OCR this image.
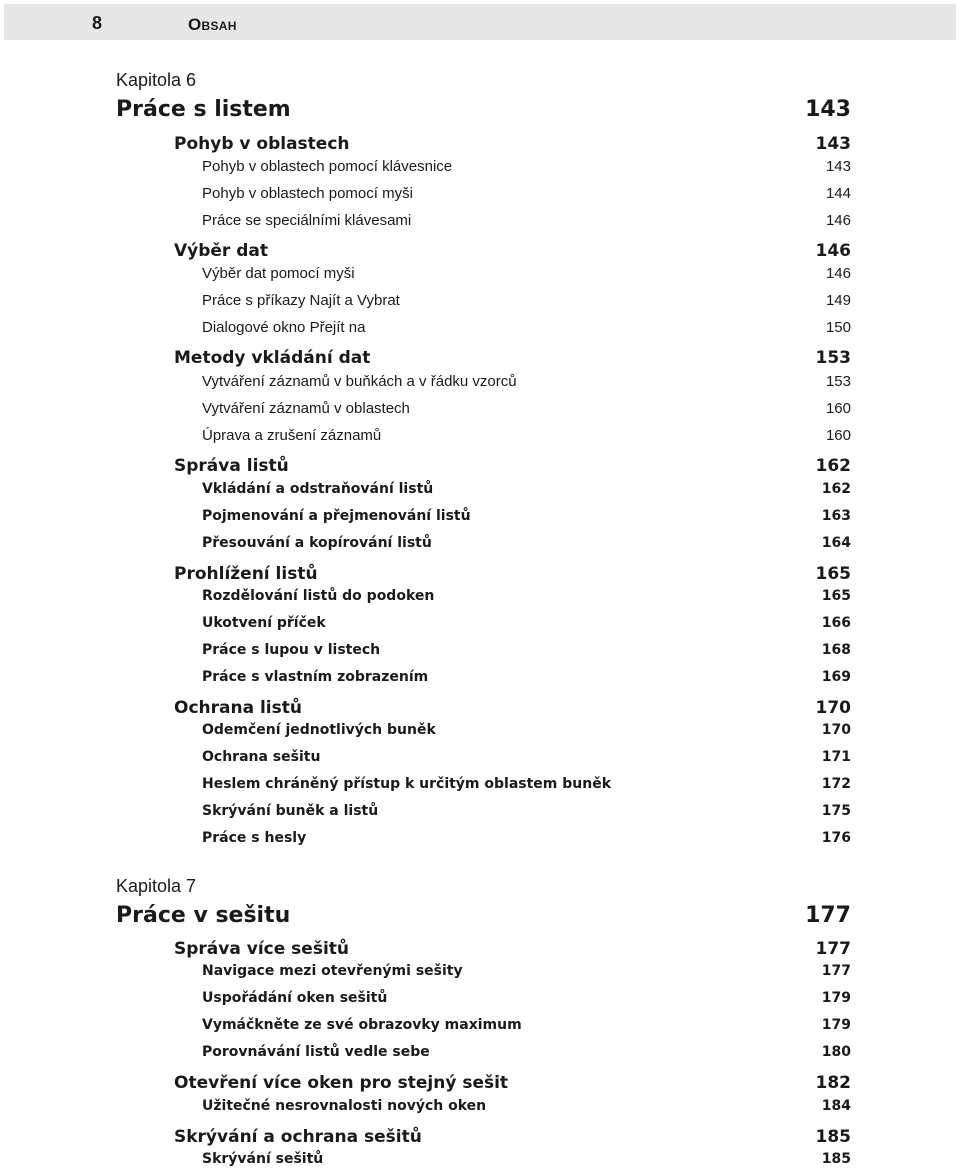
8	Obsah
Kapitola 6
Práce s listem	143
Pohyb v oblastech	143
Pohyb v oblastech pomocí klávesnice	143
Pohyb v oblastech pomocí myši	144
Práce se speciálními klávesami	146
Výběr dat	146
Výběr dat pomocí myši	146
Práce s příkazy Najít a Vybrat	149
Dialogové okno Přejít na	150
Metody vkládání dat	153
Vytváření záznamů v buňkách a v řádku vzorců	153
Vytváření záznamů v oblastech	160
Úprava a zrušení záznamů	160
Správa listů	162
Vkládání a odstraňování listů	162
Pojmenování a přejmenování listů	163
Přesouvání a kopírování listů	164
Prohlížení listů	165
Rozdělování listů do podoken	165
Ukotvení příček	166
Práce s lupou v listech	168
Práce s vlastním zobrazením	169
Ochrana listů	170
Odemčení jednotlivých buněk	170
Ochrana sešitu	171
Heslem chráněný přístup k určitým oblastem buněk	172
Skrývání buněk a listů	175
Práce s hesly	176
Kapitola 7
Práce v sešitu	177
Správa více sešitů	177
Navigace mezi otevřenými sešity	177
Uspořádání oken sešitů	179
Vymáčkněte ze své obrazovky maximum	179
Porovnávání listů vedle sebe	180
Otevření více oken pro stejný sešit	182
Užitečné nesrovnalosti nových oken	184
Skrývání a ochrana sešitů	185
Skrývání sešitů	185
